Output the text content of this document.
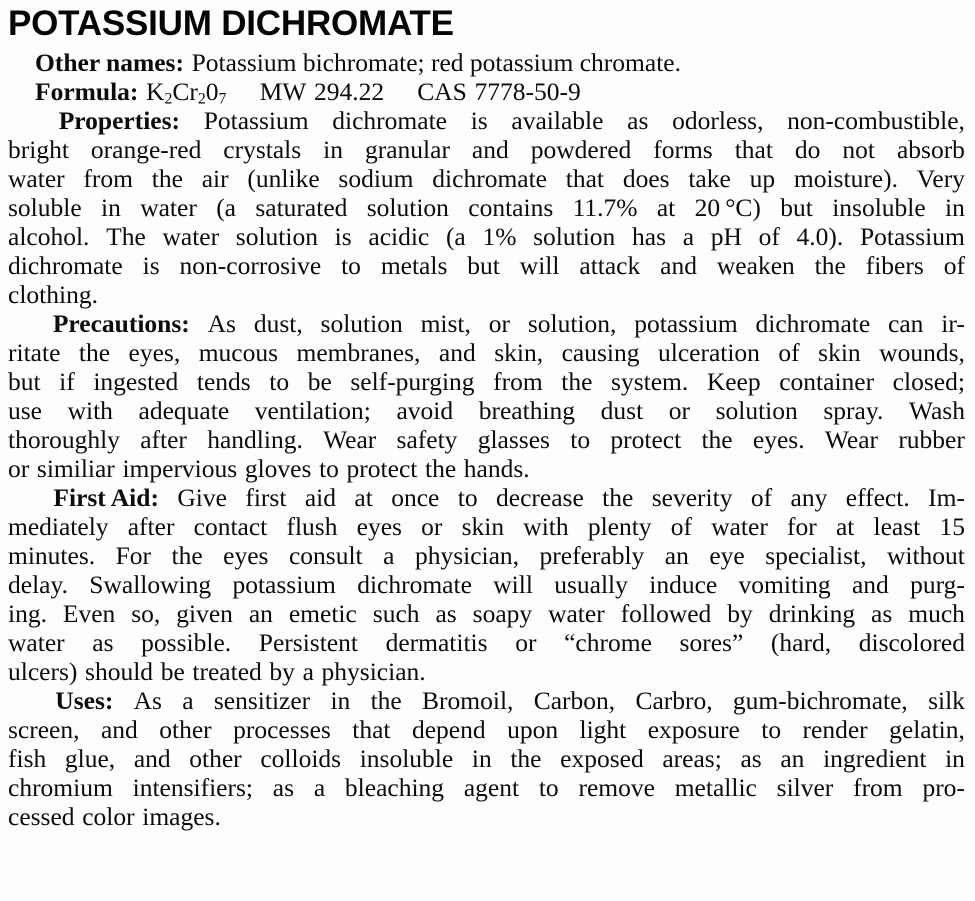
POTASSIUM DICHROMATE
Other names: Potassium bichromate; red potassium chromate.
Formula: $K_2Cr_20_7$ MW 294.22 CAS 7778-50-9
Properties: Potassium dichromate is available as odorless, non-combustible,
bright orange-red crystals in granular and powdered forms that do not absorb
water from the air (unlike sodium dichromate that does take up moisture). Very
soluble in water (a saturated solution contains 11.7% at 20 °C) but insoluble in
alcohol. The water solution is acidic (a 1% solution has a pH of 4.0). Potassium
dichromate is non-corrosive to metals but will attack and weaken the fibers of
clothing.
Precautions: As dust, solution mist, or solution, potassium dichromate can ir-
ritate the eyes, mucous membranes, and skin, causing ulceration of skin wounds,
but if ingested tends to be self-purging from the system. Keep container closed;
use with adequate ventilation; avoid breathing dust or solution spray. Wash
thoroughly after handling. Wear safety glasses to protect the eyes. Wear rubber
or similiar impervious gloves to protect the hands.
First Aid: Give first aid at once to decrease the severity of any effect. Im-
mediately after contact flush eyes or skin with plenty of water for at least 15
minutes. For the eyes consult a physician, preferably an eye specialist, without
delay. Swallowing potassium dichromate will usually induce vomiting and purg-
ing. Even so, given an emetic such as soapy water followed by drinking as much
water as possible. Persistent dermatitis or “chrome sores” (hard, discolored
ulcers) should be treated by a physician.
Uses: As a sensitizer in the Bromoil, Carbon, Carbro, gum-bichromate, silk
screen, and other processes that depend upon light exposure to render gelatin,
fish glue, and other colloids insoluble in the exposed areas; as an ingredient in
chromium intensifiers; as a bleaching agent to remove metallic silver from pro-
cessed color images.
